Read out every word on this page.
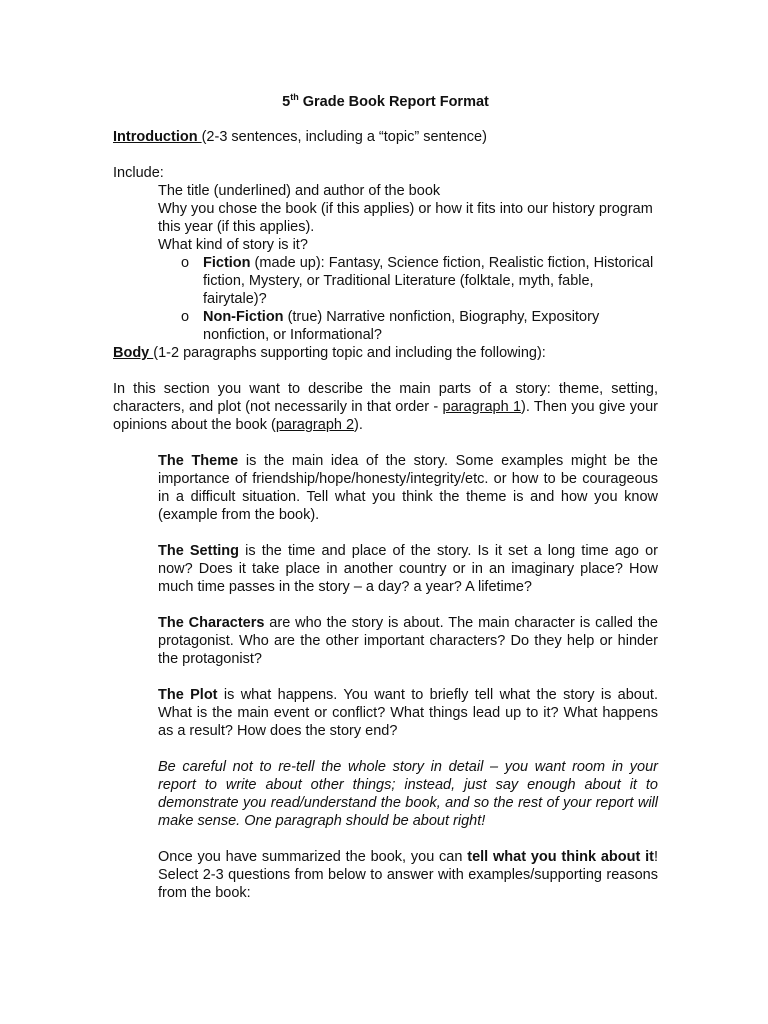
5th Grade Book Report Format

Introduction (2-3 sentences, including a “topic” sentence)

Include:

The title (underlined) and author of the book

Why you chose the book (if this applies) or how it fits into our history program this year (if this applies).

What kind of story is it?

o Fiction (made up): Fantasy, Science fiction, Realistic fiction, Historical fiction, Mystery, or Traditional Literature (folktale, myth, fable, fairytale)?
o Non-Fiction (true) Narrative nonfiction, Biography, Expository nonfiction, or Informational?

Body (1-2 paragraphs supporting topic and including the following):

In this section you want to describe the main parts of a story: theme, setting, characters, and plot (not necessarily in that order - paragraph 1). Then you give your opinions about the book (paragraph 2).

The Theme is the main idea of the story. Some examples might be the importance of friendship/hope/honesty/integrity/etc. or how to be courageous in a difficult situation. Tell what you think the theme is and how you know (example from the book).

The Setting is the time and place of the story. Is it set a long time ago or now? Does it take place in another country or in an imaginary place? How much time passes in the story – a day? a year? A lifetime?

The Characters are who the story is about. The main character is called the protagonist. Who are the other important characters? Do they help or hinder the protagonist?

The Plot is what happens. You want to briefly tell what the story is about. What is the main event or conflict? What things lead up to it? What happens as a result? How does the story end?

Be careful not to re-tell the whole story in detail – you want room in your report to write about other things; instead, just say enough about it to demonstrate you read/understand the book, and so the rest of your report will make sense. One paragraph should be about right!

Once you have summarized the book, you can tell what you think about it! Select 2-3 questions from below to answer with examples/supporting reasons from the book:
